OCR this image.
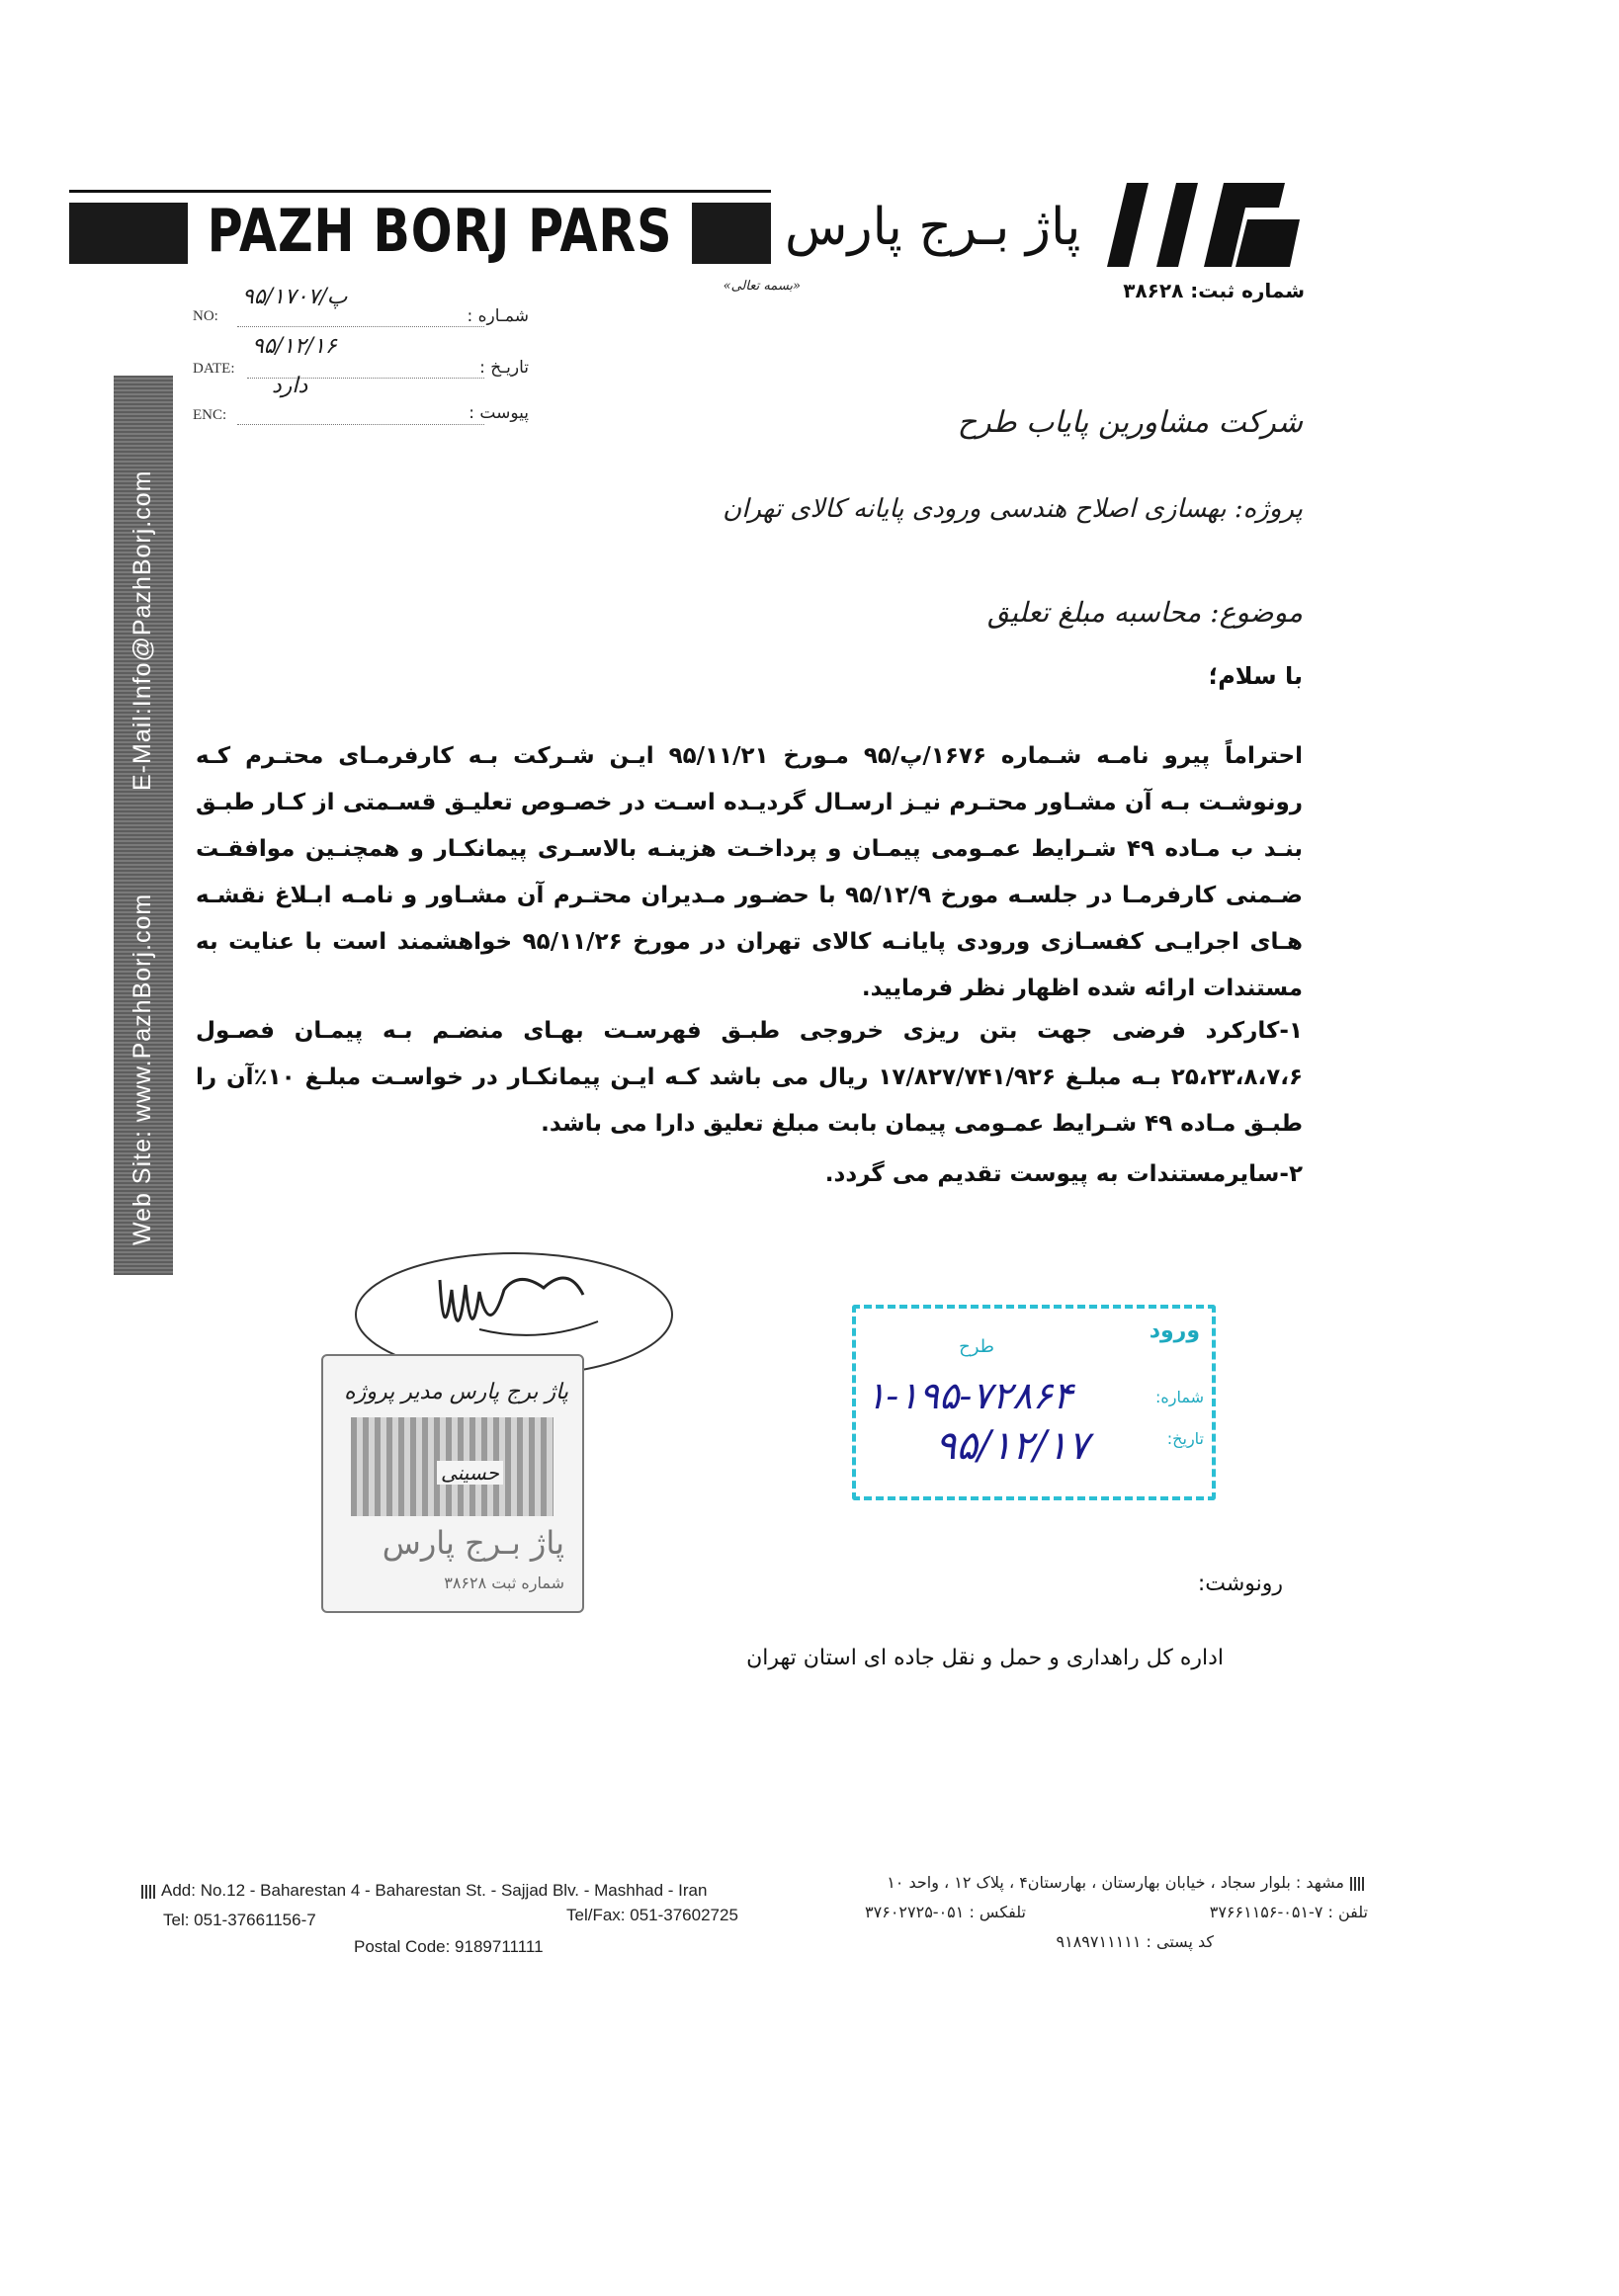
PAZH BORJ PARS	پاژ بـرج پارس
شماره ثبت: ۳۸۶۲۸
«بسمه تعالی»
NO:	شمـاره :
۹۵/۱۷۰۷/پ
DATE:	تاریـخ :
۹۵/۱۲/۱۶
ENC:	پیوست :
دارد
E-Mail:Info@PazhBorj.com
Web Site: www.PazhBorj.com
شرکت مشاورین پایاب طرح
پروژه: بهسازی اصلاح هندسی ورودی پایانه کالای تهران
موضوع: محاسبه مبلغ تعلیق
با سلام؛
احتراماً پیرو نامـه شـماره ۱۶۷۶/پ/۹۵ مـورخ ۹۵/۱۱/۲۱ ایـن شـرکت بـه کارفرمـای محتـرم کـه رونوشـت بـه آن مشـاور محتـرم نیـز ارسـال گردیـده اسـت در خصـوص تعلیـق قسـمتی از کـار طبـق بنـد ب مـاده ۴۹ شـرایط عمـومی پیمـان و پرداخـت هزینـه بالاسـری پیمانکـار و همچنـین موافقـت ضـمنی کارفرمـا در جلسـه مورخ ۹۵/۱۲/۹ با حضـور مـدیران محتـرم آن مشـاور و نامـه ابـلاغ نقشـه هـای اجرایـی کفسـازی ورودی پایانـه کالای تهران در مورخ ۹۵/۱۱/۲۶ خواهشمند است با عنایت به مستندات ارائه شده اظهار نظر فرمایید.
۱-کارکرد فرضی جهت بتن ریزی خروجی طبـق فهرسـت بهـای منضـم بـه پیمـان فصـول ۲۵،۲۳،۸،۷،۶ بـه مبلـغ ۱۷/۸۲۷/۷۴۱/۹۲۶ ریال می باشد کـه ایـن پیمانکـار در خواسـت مبلـغ ۱۰٪آن را طبـق مـاده ۴۹ شـرایط عمـومی پیمان بابت مبلغ تعلیق دارا می باشد.
۲-سایرمستندات به پیوست تقدیم می گردد.
پاژ برج پارس مدیر پروژه
حسینی
پاژ بـرج پارس
شماره ثبت ۳۸۶۲۸
ورود
طرح
شماره:
تاریخ:
۱-۱۹۵-۷۲۸۶۴
۹۵/۱۲/۱۷
رونوشت:
اداره کل راهداری و حمل و نقل جاده ای استان تهران
Add: No.12 - Baharestan 4 - Baharestan St. - Sajjad Blv. - Mashhad - Iran
Tel: 051-37661156-7	Tel/Fax: 051-37602725
Postal Code: 9189711111
مشهد : بلوار سجاد ، خیابان بهارستان ، بهارستان۴ ، پلاک ۱۲ ، واحد ۱۰
تلفن : ۷-۰۵۱-۳۷۶۶۱۱۵۶
تلفکس : ۰۵۱-۳۷۶۰۲۷۲۵
کد پستی : ۹۱۸۹۷۱۱۱۱۱
